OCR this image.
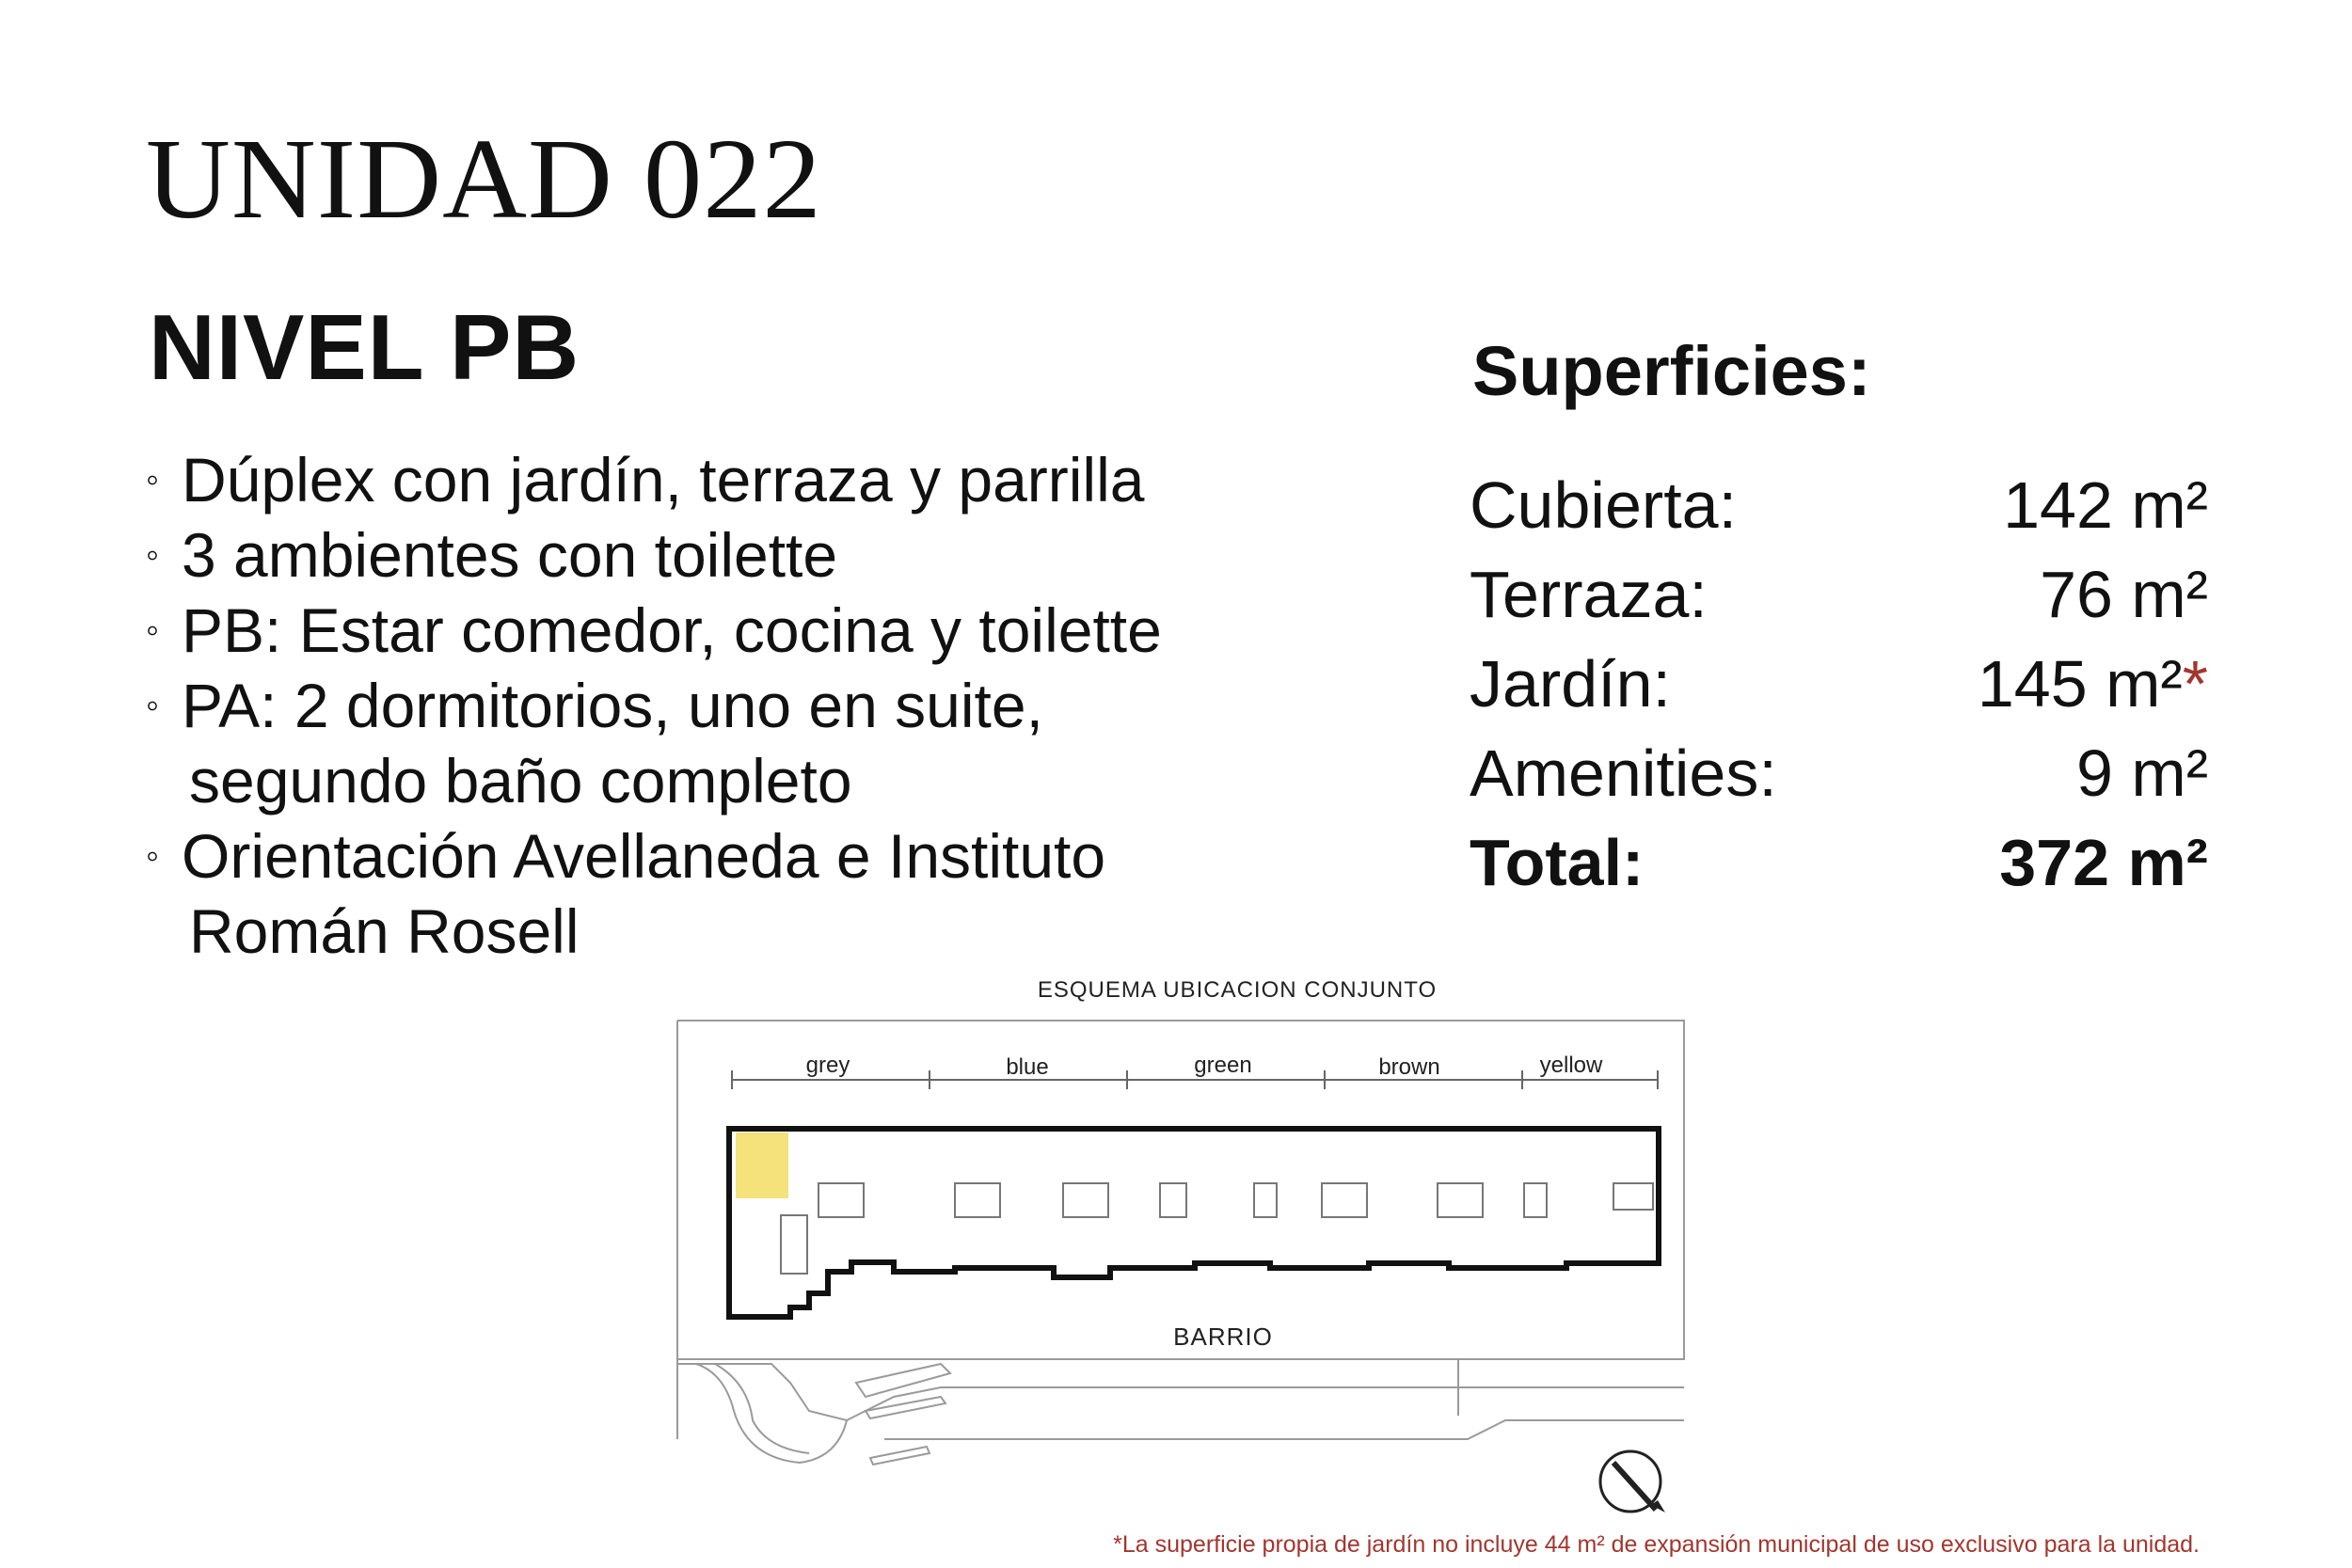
UNIDAD 022
NIVEL PB
◦ Dúplex con jardín, terraza y parrilla
◦ 3 ambientes con toilette
◦ PB: Estar comedor, cocina y toilette
◦ PA: 2 dormitorios, uno en suite,
segundo baño completo
◦ Orientación Avellaneda e Instituto
Román Rosell
Superficies:
Cubierta:	142 m²
Terraza:	76 m²
Jardín:	145 m²*
Amenities:	9 m²
Total:	372 m²
ESQUEMA UBICACION CONJUNTO
grey	blue	green	brown	yellow
BARRIO
*La superficie propia de jardín no incluye 44 m² de expansión municipal de uso exclusivo para la unidad.
